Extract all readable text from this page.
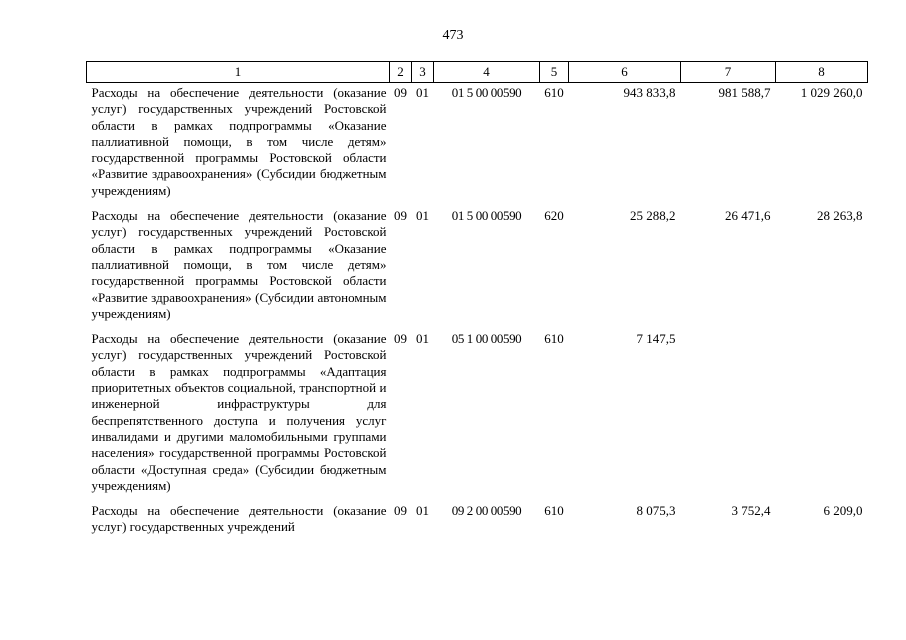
473
1	2	3	4	5	6	7	8
Расходы на обеспечение деятельности (оказание услуг) государственных учреждений Ростовской области в рамках подпрограммы «Оказание паллиативной помощи, в том числе детям» государственной программы Ростовской области «Развитие здравоохранения» (Субсидии бюджетным учреждениям)	09	01	01 5 00 00590	610	943 833,8	981 588,7	1 029 260,0
Расходы на обеспечение деятельности (оказание услуг) государственных учреждений Ростовской области в рамках подпрограммы «Оказание паллиативной помощи, в том числе детям» государственной программы Ростовской области «Развитие здравоохранения» (Субсидии автономным учреждениям)	09	01	01 5 00 00590	620	25 288,2	26 471,6	28 263,8
Расходы на обеспечение деятельности (оказание услуг) государственных учреждений Ростовской области в рамках подпрограммы «Адаптация приоритетных объектов социальной, транспортной и инженерной инфраструктуры для беспрепятственного доступа и получения услуг инвалидами и другими маломобильными группами населения» государственной программы Ростовской области «Доступная среда» (Субсидии бюджетным учреждениям)	09	01	05 1 00 00590	610	7 147,5		
Расходы на обеспечение деятельности (оказание услуг) государственных учреждений	09	01	09 2 00 00590	610	8 075,3	3 752,4	6 209,0
